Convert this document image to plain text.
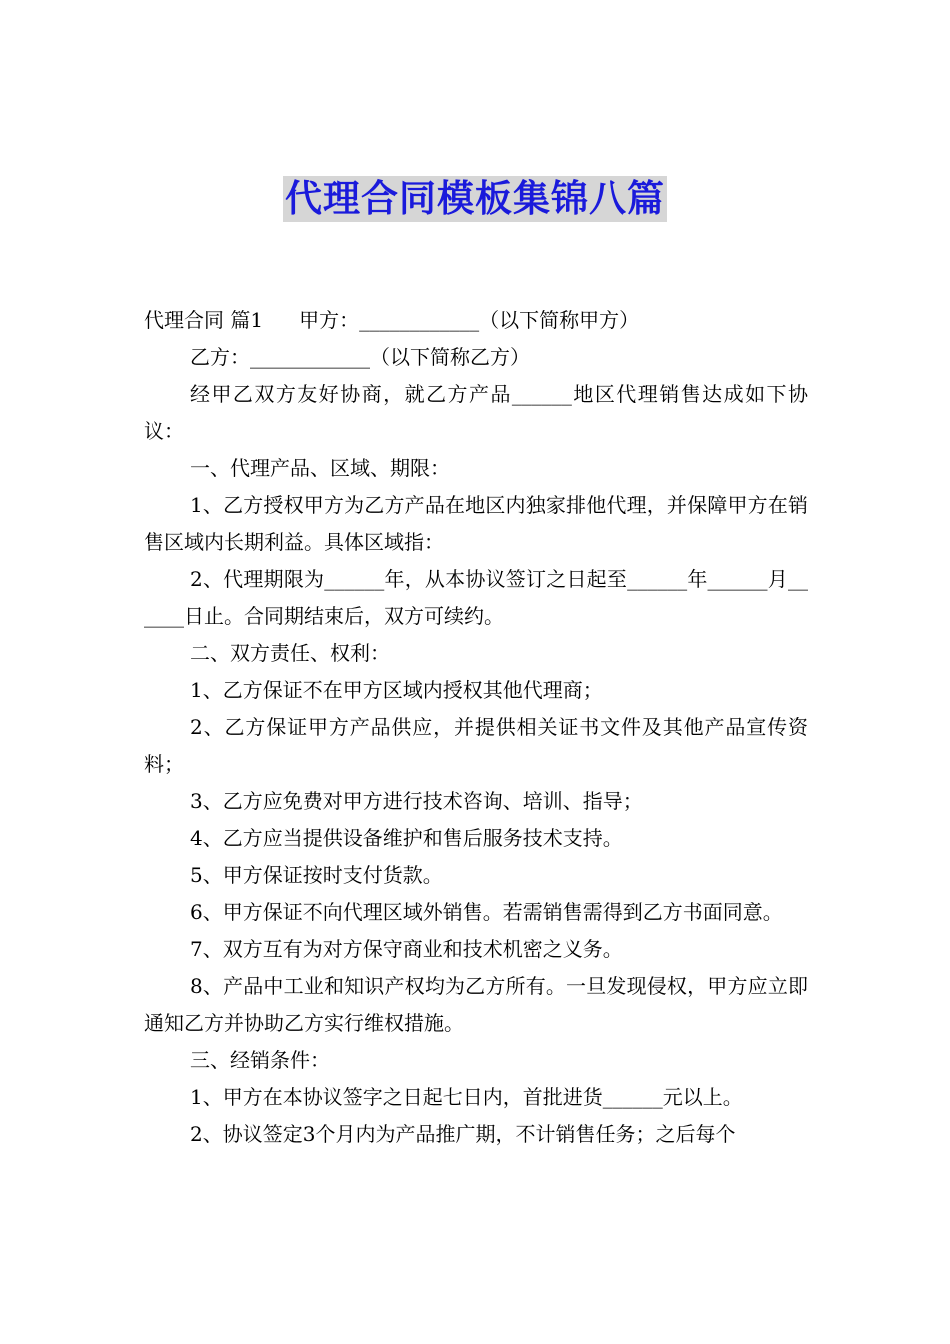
代理合同模板集锦八篇

代理合同 篇1 甲方：____________（以下简称甲方）

乙方：____________（以下简称乙方）

经甲乙双方友好协商，就乙方产品______地区代理销售达成如下协议：

一、代理产品、区域、期限：

1、乙方授权甲方为乙方产品在地区内独家排他代理，并保障甲方在销售区域内长期利益。具体区域指：

2、代理期限为______年，从本协议签订之日起至______年______月______日止。合同期结束后，双方可续约。

二、双方责任、权利：

1、乙方保证不在甲方区域内授权其他代理商；

2、乙方保证甲方产品供应，并提供相关证书文件及其他产品宣传资料；

3、乙方应免费对甲方进行技术咨询、培训、指导；

4、乙方应当提供设备维护和售后服务技术支持。

5、甲方保证按时支付货款。

6、甲方保证不向代理区域外销售。若需销售需得到乙方书面同意。

7、双方互有为对方保守商业和技术机密之义务。

8、产品中工业和知识产权均为乙方所有。一旦发现侵权，甲方应立即通知乙方并协助乙方实行维权措施。

三、经销条件：

1、甲方在本协议签字之日起七日内，首批进货______元以上。

2、协议签定3个月内为产品推广期，不计销售任务；之后每个
